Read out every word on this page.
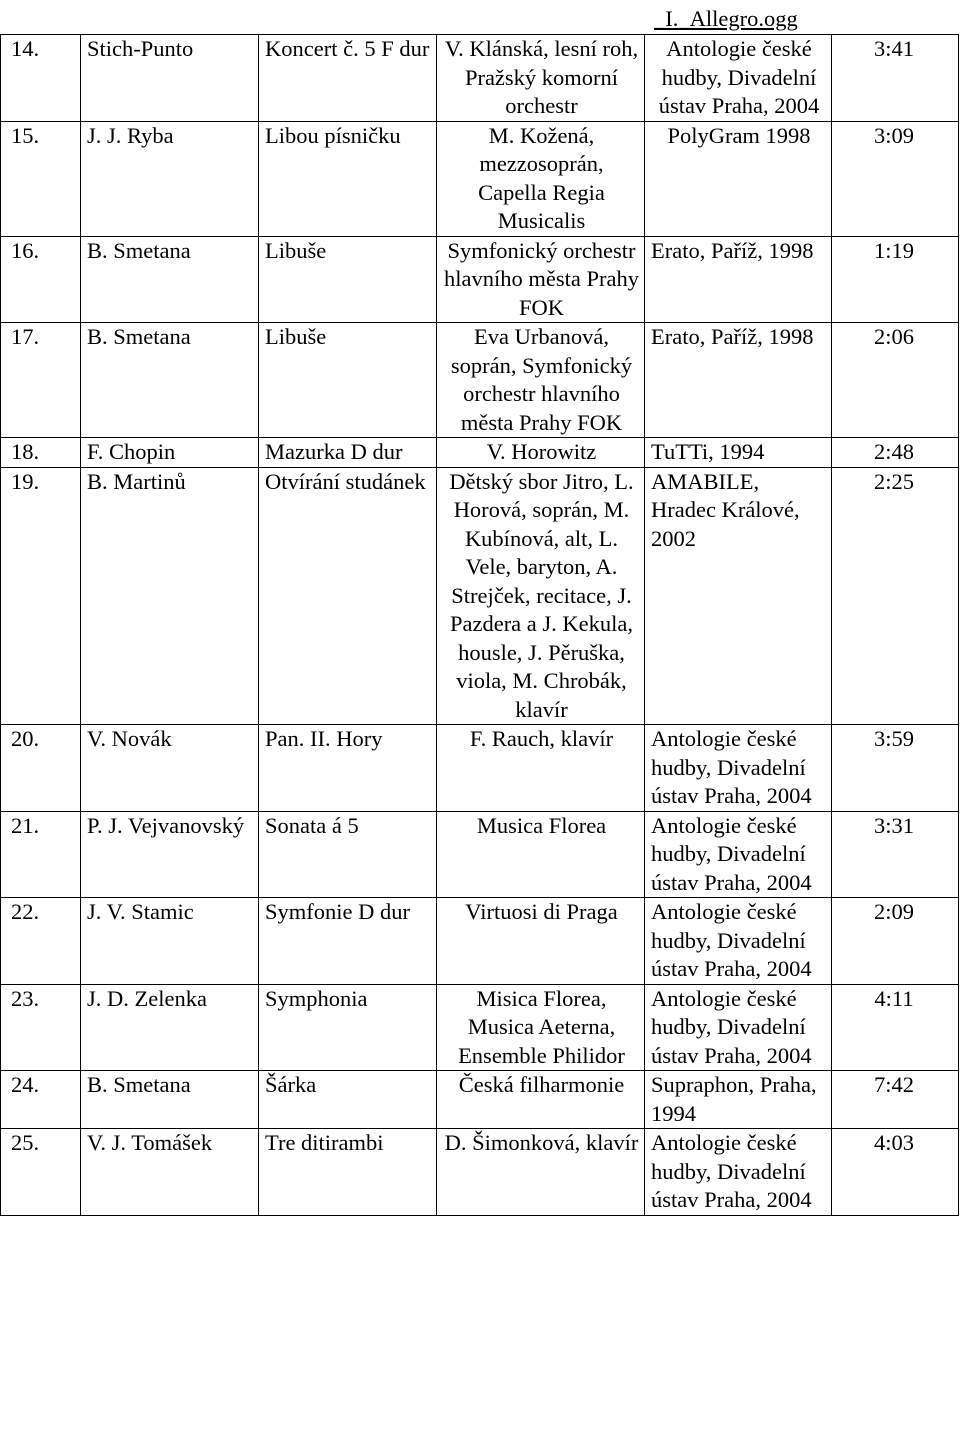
_I._Allegro.ogg
14.	Stich-Punto	Koncert č. 5 F dur	V. Klánská, lesní roh, Pražský komorní orchestr	Antologie české hudby, Divadelní ústav Praha, 2004	3:41
15.	J. J. Ryba	Libou písničku	M. Kožená, mezzosoprán, Capella Regia Musicalis	PolyGram 1998	3:09
16.	B. Smetana	Libuše	Symfonický orchestr hlavního města Prahy FOK	Erato, Paříž, 1998	1:19
17.	B. Smetana	Libuše	Eva Urbanová, soprán, Symfonický orchestr hlavního města Prahy FOK	Erato, Paříž, 1998	2:06
18.	F. Chopin	Mazurka D dur	V. Horowitz	TuTTi, 1994	2:48
19.	B. Martinů	Otvírání studánek	Dětský sbor Jitro, L. Horová, soprán, M. Kubínová, alt, L. Vele, baryton, A. Strejček, recitace, J. Pazdera a J. Kekula, housle, J. Pěruška, viola, M. Chrobák, klavír	AMABILE, Hradec Králové, 2002	2:25
20.	V. Novák	Pan. II. Hory	F. Rauch, klavír	Antologie české hudby, Divadelní ústav Praha, 2004	3:59
21.	P. J. Vejvanovský	Sonata á 5	Musica Florea	Antologie české hudby, Divadelní ústav Praha, 2004	3:31
22.	J. V. Stamic	Symfonie D dur	Virtuosi di Praga	Antologie české hudby, Divadelní ústav Praha, 2004	2:09
23.	J. D. Zelenka	Symphonia	Misica Florea, Musica Aeterna, Ensemble Philidor	Antologie české hudby, Divadelní ústav Praha, 2004	4:11
24.	B. Smetana	Šárka	Česká filharmonie	Supraphon, Praha, 1994	7:42
25.	V. J. Tomášek	Tre ditirambi	D. Šimonková, klavír	Antologie české hudby, Divadelní ústav Praha, 2004	4:03
